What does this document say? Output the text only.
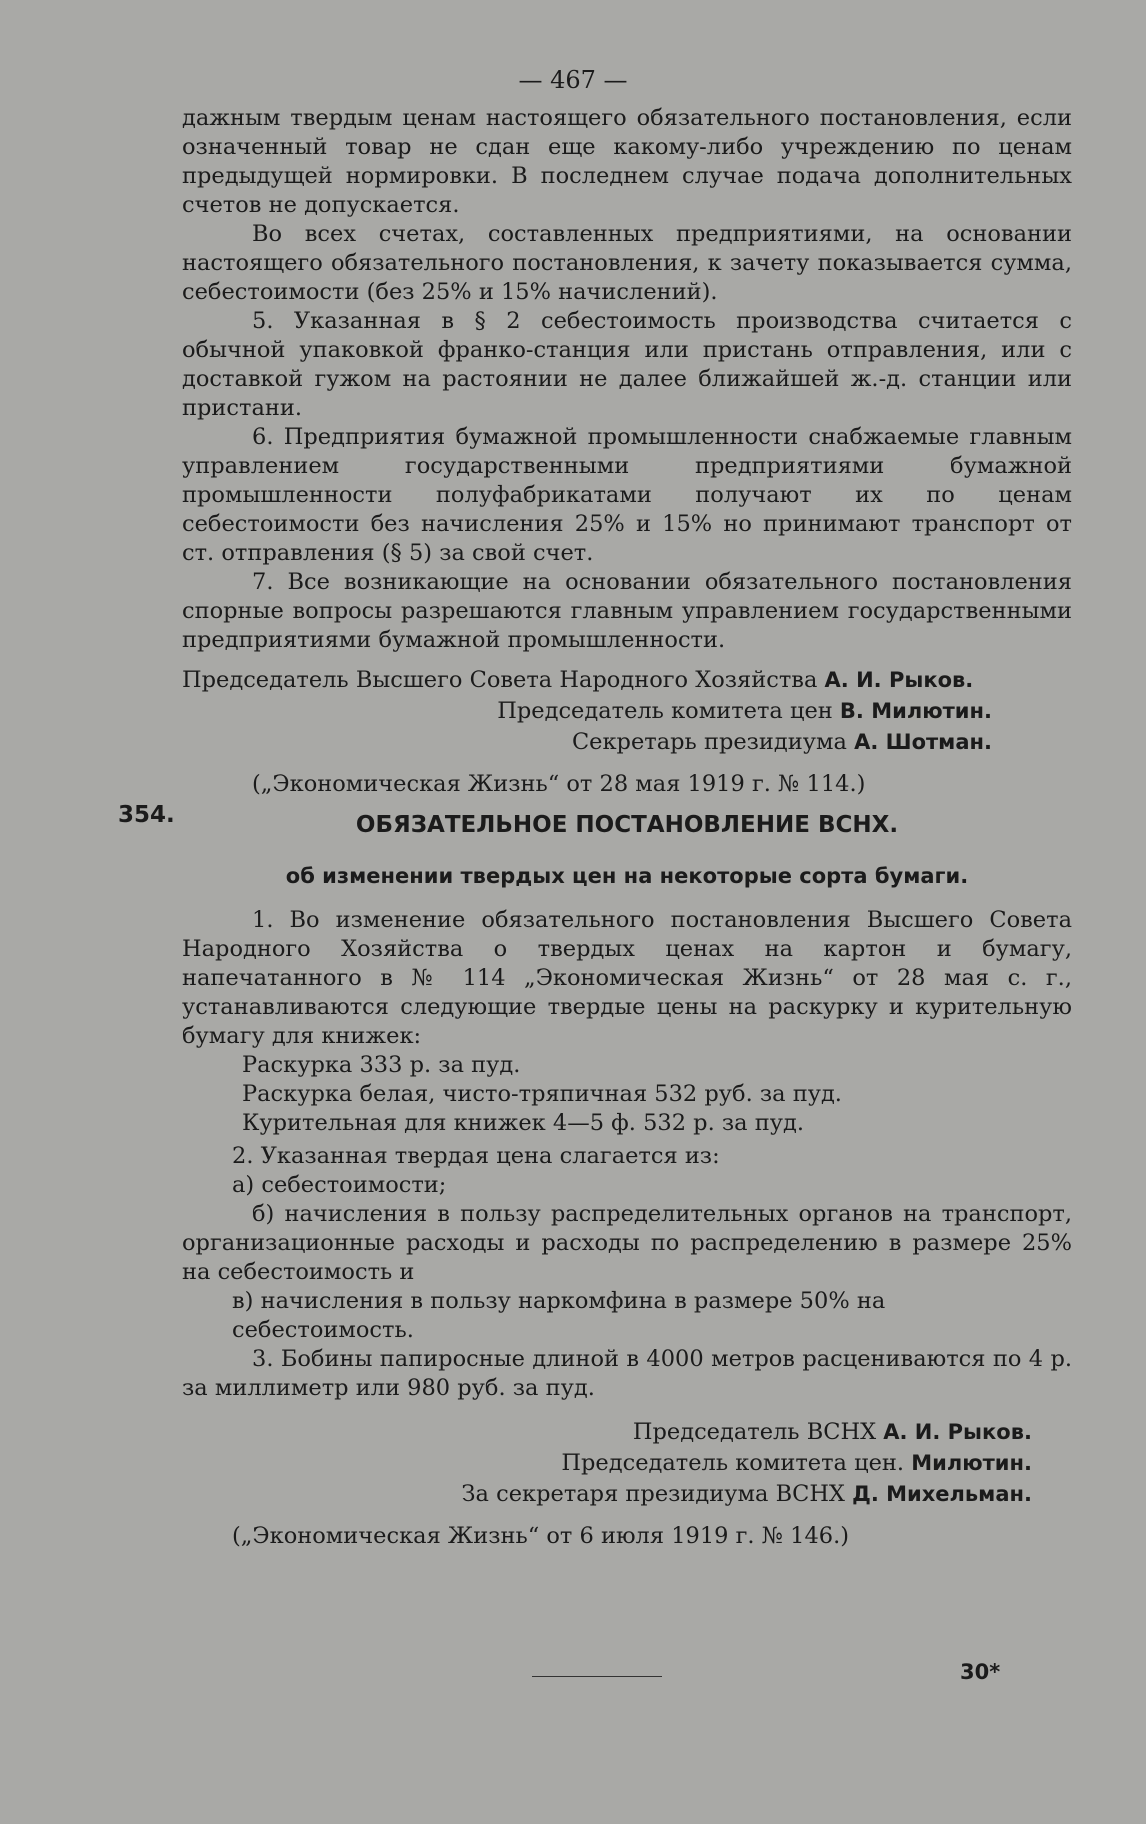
— 467 —

дажным твердым ценам настоящего обязательного постановления, если означенный товар не сдан еще какому-либо учреждению по ценам предыдущей нормировки. В последнем случае подача дополнительных счетов не допускается.

Во всех счетах, составленных предприятиями, на основании настоящего обязательного постановления, к зачету показывается сумма, себестоимости (без 25% и 15% начислений).

5. Указанная в § 2 себестоимость производства считается с обычной упаковкой франко-станция или пристань отправления, или с доставкой гужом на растоянии не далее ближайшей ж.-д. станции или пристани.

6. Предприятия бумажной промышленности снабжаемые главным управлением государственными предприятиями бумажной промышленности полуфабрикатами получают их по ценам себестоимости без начисления 25% и 15% но принимают транспорт от ст. отправления (§ 5) за свой счет.

7. Все возникающие на основании обязательного постановления спорные вопросы разрешаются главным управлением государственными предприятиями бумажной промышленности.

Председатель Высшего Совета Народного Хозяйства А. И. Рыков.

Председатель комитета цен В. Милютин.

Секретарь президиума А. Шотман.

(„Экономическая Жизнь“ от 28 мая 1919 г. № 114.)

354.	ОБЯЗАТЕЛЬНОЕ ПОСТАНОВЛЕНИЕ ВСНХ.
об изменении твердых цен на некоторые сорта бумаги.

1. Во изменение обязательного постановления Высшего Совета Народного Хозяйства о твердых ценах на картон и бумагу, напечатанного в № 114 „Экономическая Жизнь“ от 28 мая с. г., устанавливаются следующие твердые цены на раскурку и курительную бумагу для книжек:

Раскурка 333 р. за пуд.

Раскурка белая, чисто-тряпичная 532 руб. за пуд.

Курительная для книжек 4—5 ф. 532 р. за пуд.

2. Указанная твердая цена слагается из:

а) себестоимости;

б) начисления в пользу распределительных органов на транспорт, организационные расходы и расходы по распределению в размере 25% на себестоимость и

в) начисления в пользу наркомфина в размере 50% на себестоимость.

3. Бобины папиросные длиной в 4000 метров расцениваются по 4 р. за миллиметр или 980 руб. за пуд.

Председатель ВСНХ А. И. Рыков.

Председатель комитета цен. Милютин.

За секретаря президиума ВСНХ Д. Михельман.

(„Экономическая Жизнь“ от 6 июля 1919 г. № 146.)

30*
